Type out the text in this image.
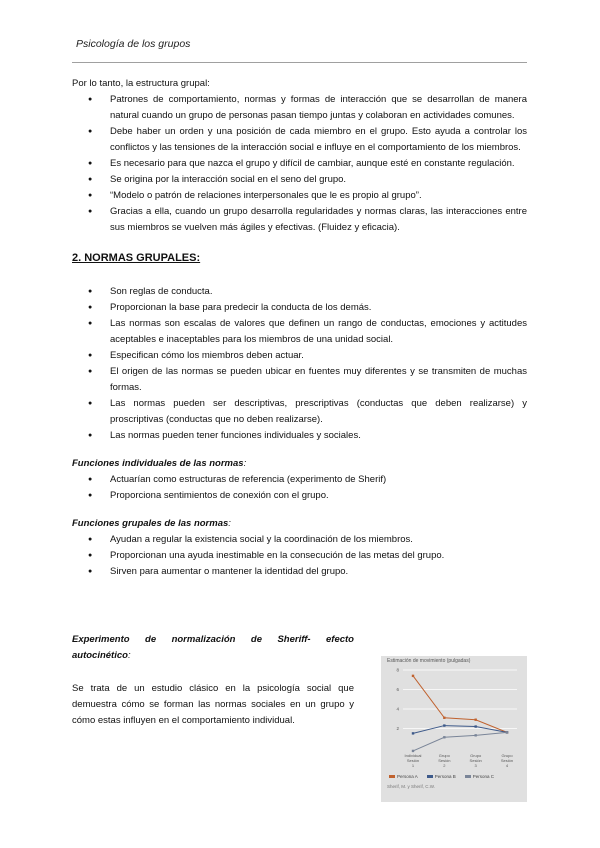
Psicología de los grupos

Por lo tanto, la estructura grupal:

● Patrones de comportamiento, normas y formas de interacción que se desarrollan de manera natural cuando un grupo de personas pasan tiempo juntas y colaboran en actividades comunes.
● Debe haber un orden y una posición de cada miembro en el grupo. Esto ayuda a controlar los conflictos y las tensiones de la interacción social e influye en el comportamiento de los miembros.
● Es necesario para que nazca el grupo y difícil de cambiar, aunque esté en constante regulación.
● Se origina por la interacción social en el seno del grupo.
● “Modelo o patrón de relaciones interpersonales que le es propio al grupo”.
● Gracias a ella, cuando un grupo desarrolla regularidades y normas claras, las interacciones entre sus miembros se vuelven más ágiles y efectivas. (Fluidez y eficacia).
2. NORMAS GRUPALES:
● Son reglas de conducta.
● Proporcionan la base para predecir la conducta de los demás.
● Las normas son escalas de valores que definen un rango de conductas, emociones y actitudes aceptables e inaceptables para los miembros de una unidad social.
● Especifican cómo los miembros deben actuar.
● El origen de las normas se pueden ubicar en fuentes muy diferentes y se transmiten de muchas formas.
● Las normas pueden ser descriptivas, prescriptivas (conductas que deben realizarse) y proscriptivas (conductas que no deben realizarse).
● Las normas pueden tener funciones individuales y sociales.

Funciones individuales de las normas:

● Actuarían como estructuras de referencia (experimento de Sherif)
● Proporciona sentimientos de conexión con el grupo.

Funciones grupales de las normas:

● Ayudan a regular la existencia social y la coordinación de los miembros.
● Proporcionan una ayuda inestimable en la consecución de las metas del grupo.
● Sirven para aumentar o mantener la identidad del grupo.
Experimento de normalización de Sheriff- efecto
autocinético:

Se trata de un estudio clásico en la psicología social que demuestra cómo se forman las normas sociales en un grupo y cómo estas influyen en el comportamiento individual.

Estimación de movimiento (pulgadas)
2
4
6
8
Individual
Sesión
1
Grupo
Sesión
2
Grupo
Sesión
3
Grupo
Sesión
4
Persona A	Persona B	Persona C
Sherif, M. y Sherif, C.W.
